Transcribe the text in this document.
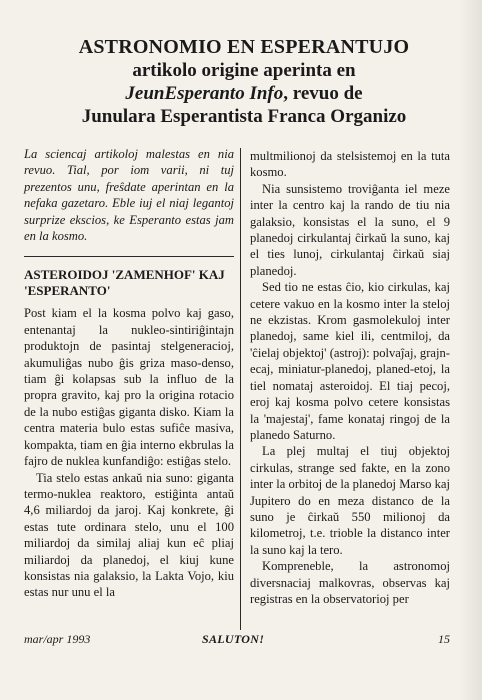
ASTRONOMIO EN ESPERANTUJO
artikolo origine aperinta en
JeunEsperanto Info, revuo de
Junulara Esperantista Franca Organizo

La sciencaj artikoloj malestas en nia revuo. Tial, por iom varii, ni tuj prezentos unu, freŝdate aperintan en la nefaka gazetaro. Eble iuj el niaj legantoj surprize ekscios, ke Esperanto estas jam en la kosmo.

ASTEROIDOJ 'ZAMENHOF' KAJ 'ESPERANTO'

Post kiam el la kosma polvo kaj gaso, entenantaj la nukleo-sintiriĝintajn produktojn de pasintaj stelgeneracioj, akumuliĝas nubo ĝis griza maso-denso, tiam ĝi kolapsas sub la influo de la propra gravito, kaj pro la origina rotacio de la nubo estiĝas giganta disko. Kiam la centra materia bulo estas sufiĉe masiva, kompakta, tiam en ĝia interno ekbrulas la fajro de nuklea kunfandiĝo: estiĝas stelo.

Tia stelo estas ankaŭ nia suno: giganta termo-nuklea reaktoro, estiĝinta antaŭ 4,6 miliardoj da jaroj. Kaj konkrete, ĝi estas tute ordinara stelo, unu el 100 miliardoj da similaj aliaj kun eĉ pliaj miliardoj da planedoj, el kiuj kune konsistas nia galaksio, la Lakta Vojo, kiu estas nur unu el la

multmilionoj da stelsistemoj en la tuta kosmo.

Nia sunsistemo troviĝanta iel meze inter la centro kaj la rando de tiu nia galaksio, konsistas el la suno, el 9 planedoj cirkulantaj ĉirkaŭ la suno, kaj el ties lunoj, cirkulantaj ĉirkaŭ siaj planedoj.

Sed tio ne estas ĉio, kio cirkulas, kaj cetere vakuo en la kosmo inter la steloj ne ekzistas. Krom gasmolekuloj inter planedoj, same kiel ili, centmiloj, da 'ĉielaj objektoj' (astroj): polvaĵaj, grajn-ecaj, miniatur-planedoj, planed-etoj, la tiel nomataj asteroidoj. El tiaj pecoj, eroj kaj kosma polvo cetere konsistas la 'majestaj', fame konataj ringoj de la planedo Saturno.

La plej multaj el tiuj objektoj cirkulas, strange sed fakte, en la zono inter la orbitoj de la planedoj Marso kaj Jupitero do en meza distanco de la suno je ĉirkaŭ 550 milionoj da kilometroj, t.e. trioble la distanco inter la suno kaj la tero.

Kompreneble, la astronomoj diversnaciaj malkovras, observas kaj registras en la observatorioj per

mar/apr 1993	SALUTON!	15
